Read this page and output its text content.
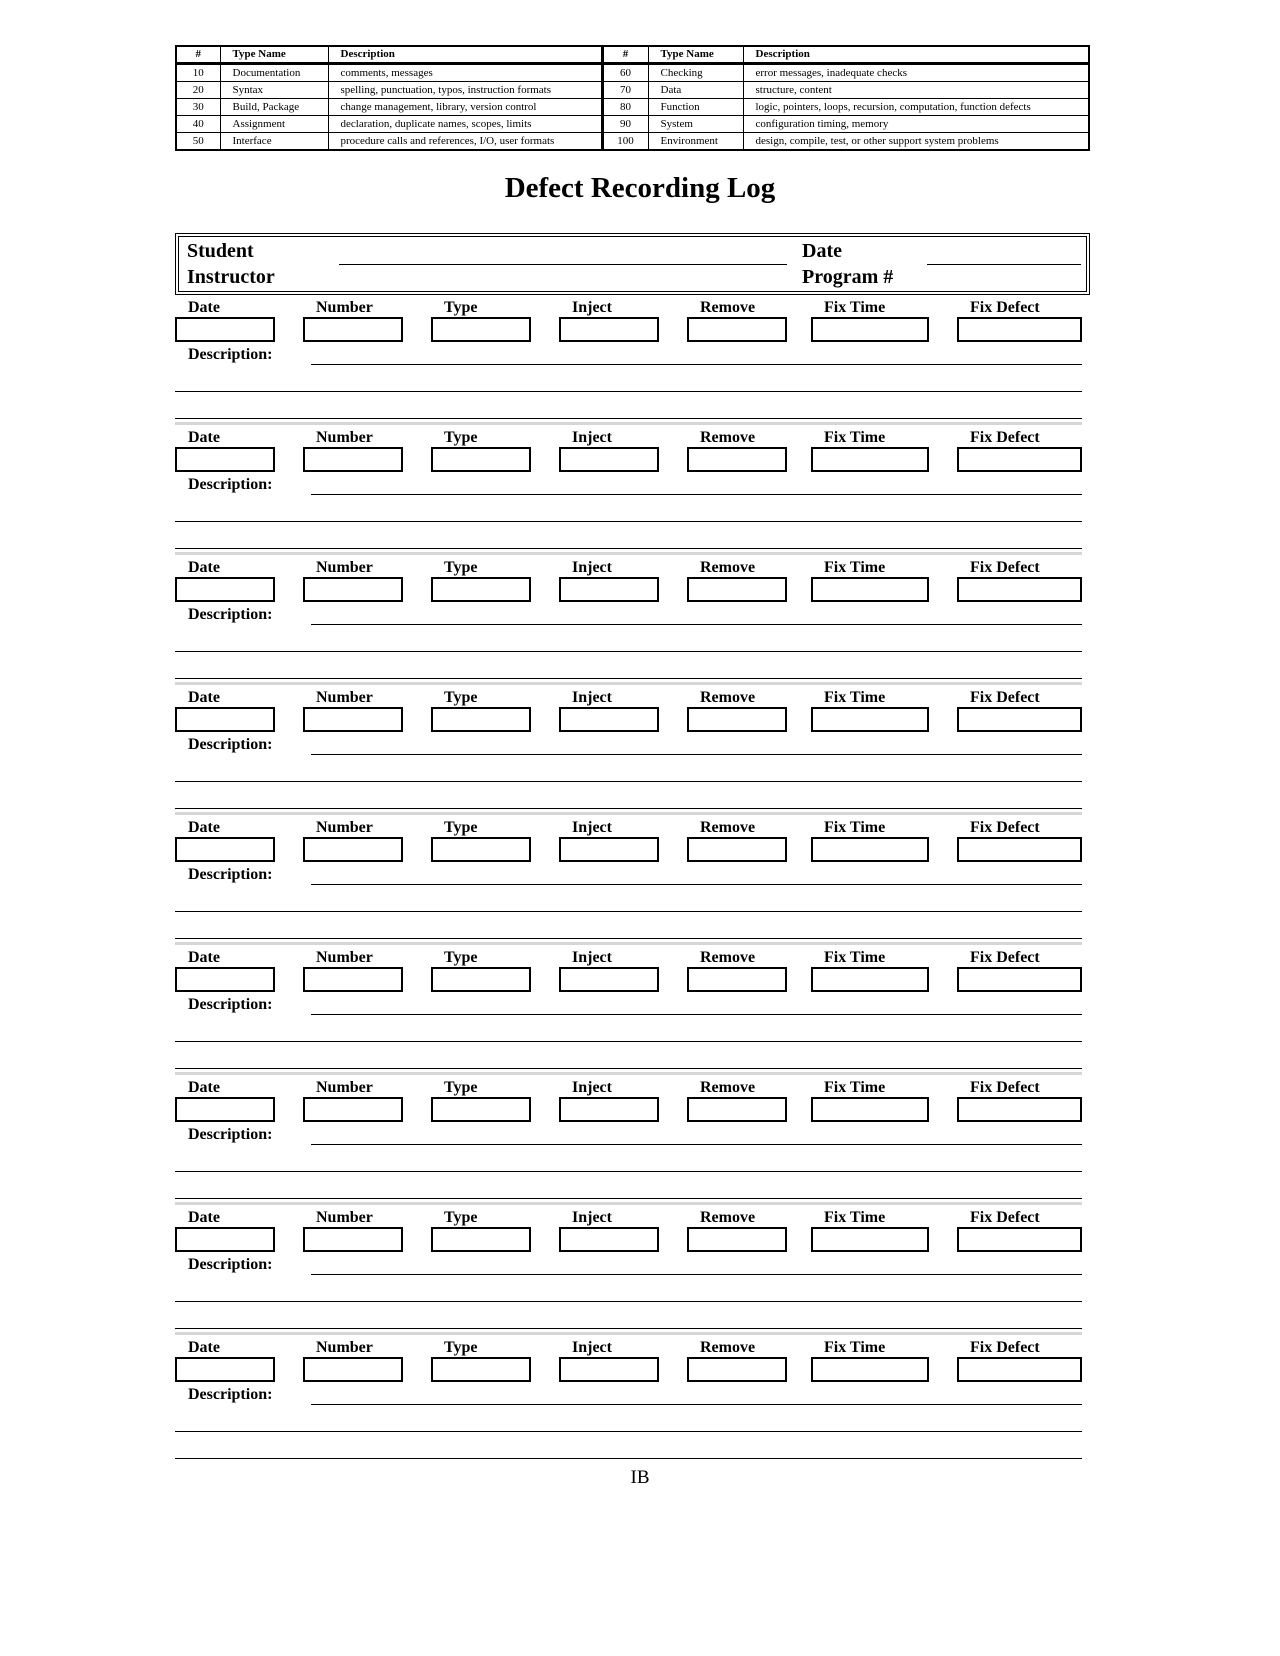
#	Type Name	Description	#	Type Name	Description
10	Documentation	comments, messages	60	Checking	error messages, inadequate checks
20	Syntax	spelling, punctuation, typos, instruction formats	70	Data	structure, content
30	Build, Package	change management, library, version control	80	Function	logic, pointers, loops, recursion, computation, function defects
40	Assignment	declaration, duplicate names, scopes, limits	90	System	configuration timing, memory
50	Interface	procedure calls and references, I/O, user formats	100	Environment	design, compile, test, or other support system problems
Defect Recording Log
Student
Instructor
Date
Program #
Date	Number	Type	Inject	Remove	Fix Time	Fix Defect
Description:
Date	Number	Type	Inject	Remove	Fix Time	Fix Defect
Description:
Date	Number	Type	Inject	Remove	Fix Time	Fix Defect
Description:
Date	Number	Type	Inject	Remove	Fix Time	Fix Defect
Description:
Date	Number	Type	Inject	Remove	Fix Time	Fix Defect
Description:
Date	Number	Type	Inject	Remove	Fix Time	Fix Defect
Description:
Date	Number	Type	Inject	Remove	Fix Time	Fix Defect
Description:
Date	Number	Type	Inject	Remove	Fix Time	Fix Defect
Description:
Date	Number	Type	Inject	Remove	Fix Time	Fix Defect
Description:
IB
